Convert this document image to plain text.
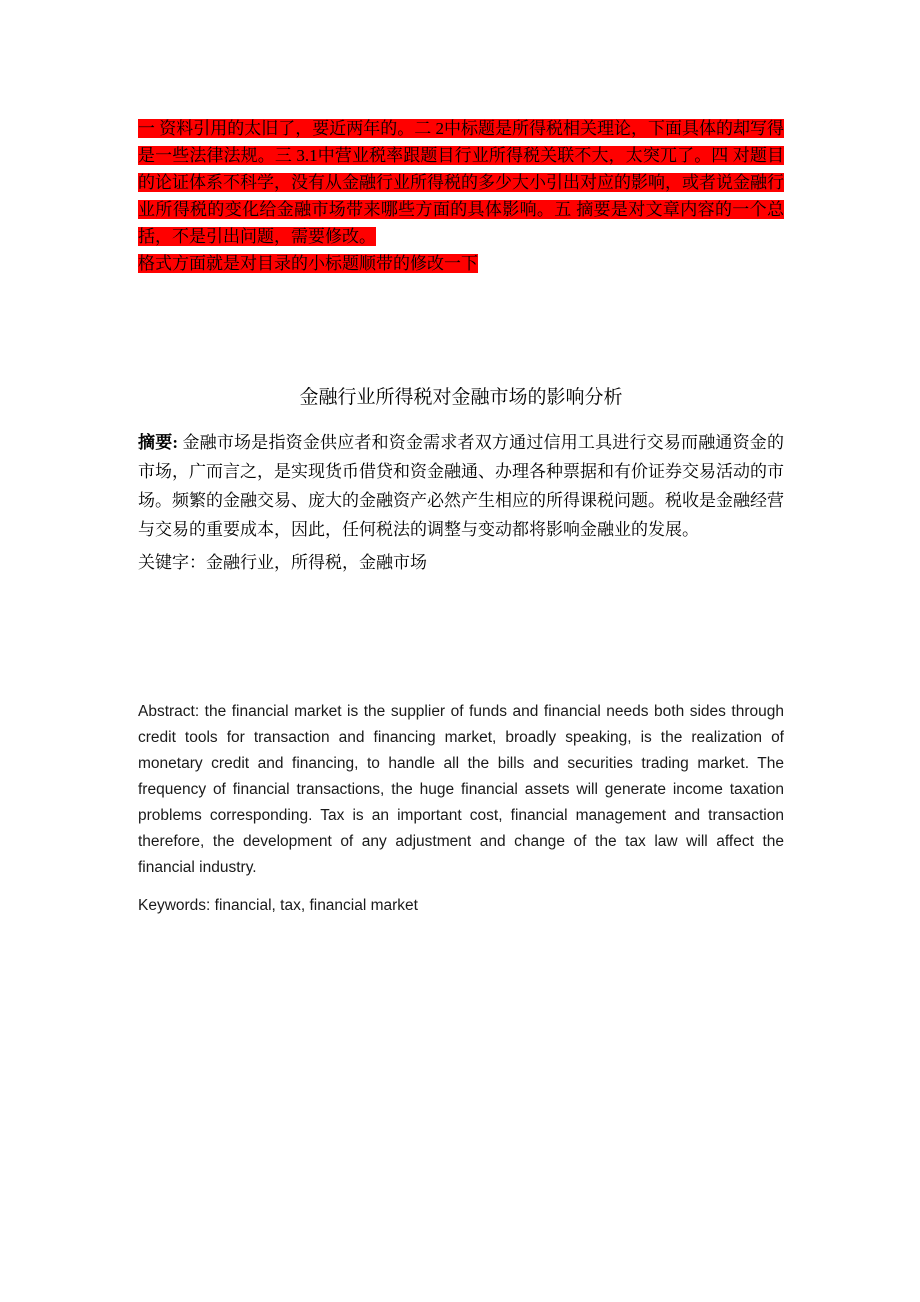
一 资料引用的太旧了，要近两年的。二 2中标题是所得税相关理论，下面具体的却写得是一些法律法规。三 3.1中营业税率跟题目行业所得税关联不大，太突兀了。四 对题目的论证体系不科学，没有从金融行业所得税的多少大小引出对应的影响，或者说金融行业所得税的变化给金融市场带来哪些方面的具体影响。五 摘要是对文章内容的一个总括，不是引出问题，需要修改。

格式方面就是对目录的小标题顺带的修改一下

金融行业所得税对金融市场的影响分析

摘要: 金融市场是指资金供应者和资金需求者双方通过信用工具进行交易而融通资金的市场，广而言之，是实现货币借贷和资金融通、办理各种票据和有价证券交易活动的市场。频繁的金融交易、庞大的金融资产必然产生相应的所得课税问题。税收是金融经营与交易的重要成本，因此，任何税法的调整与变动都将影响金融业的发展。

关键字：金融行业，所得税，金融市场

Abstract: the financial market is the supplier of funds and financial needs both sides through credit tools for transaction and financing market, broadly speaking, is the realization of monetary credit and financing, to handle all the bills and securities trading market. The frequency of financial transactions, the huge financial assets will generate income taxation problems corresponding. Tax is an important cost, financial management and transaction therefore, the development of any adjustment and change of the tax law will affect the financial industry.

Keywords: financial, tax, financial market
